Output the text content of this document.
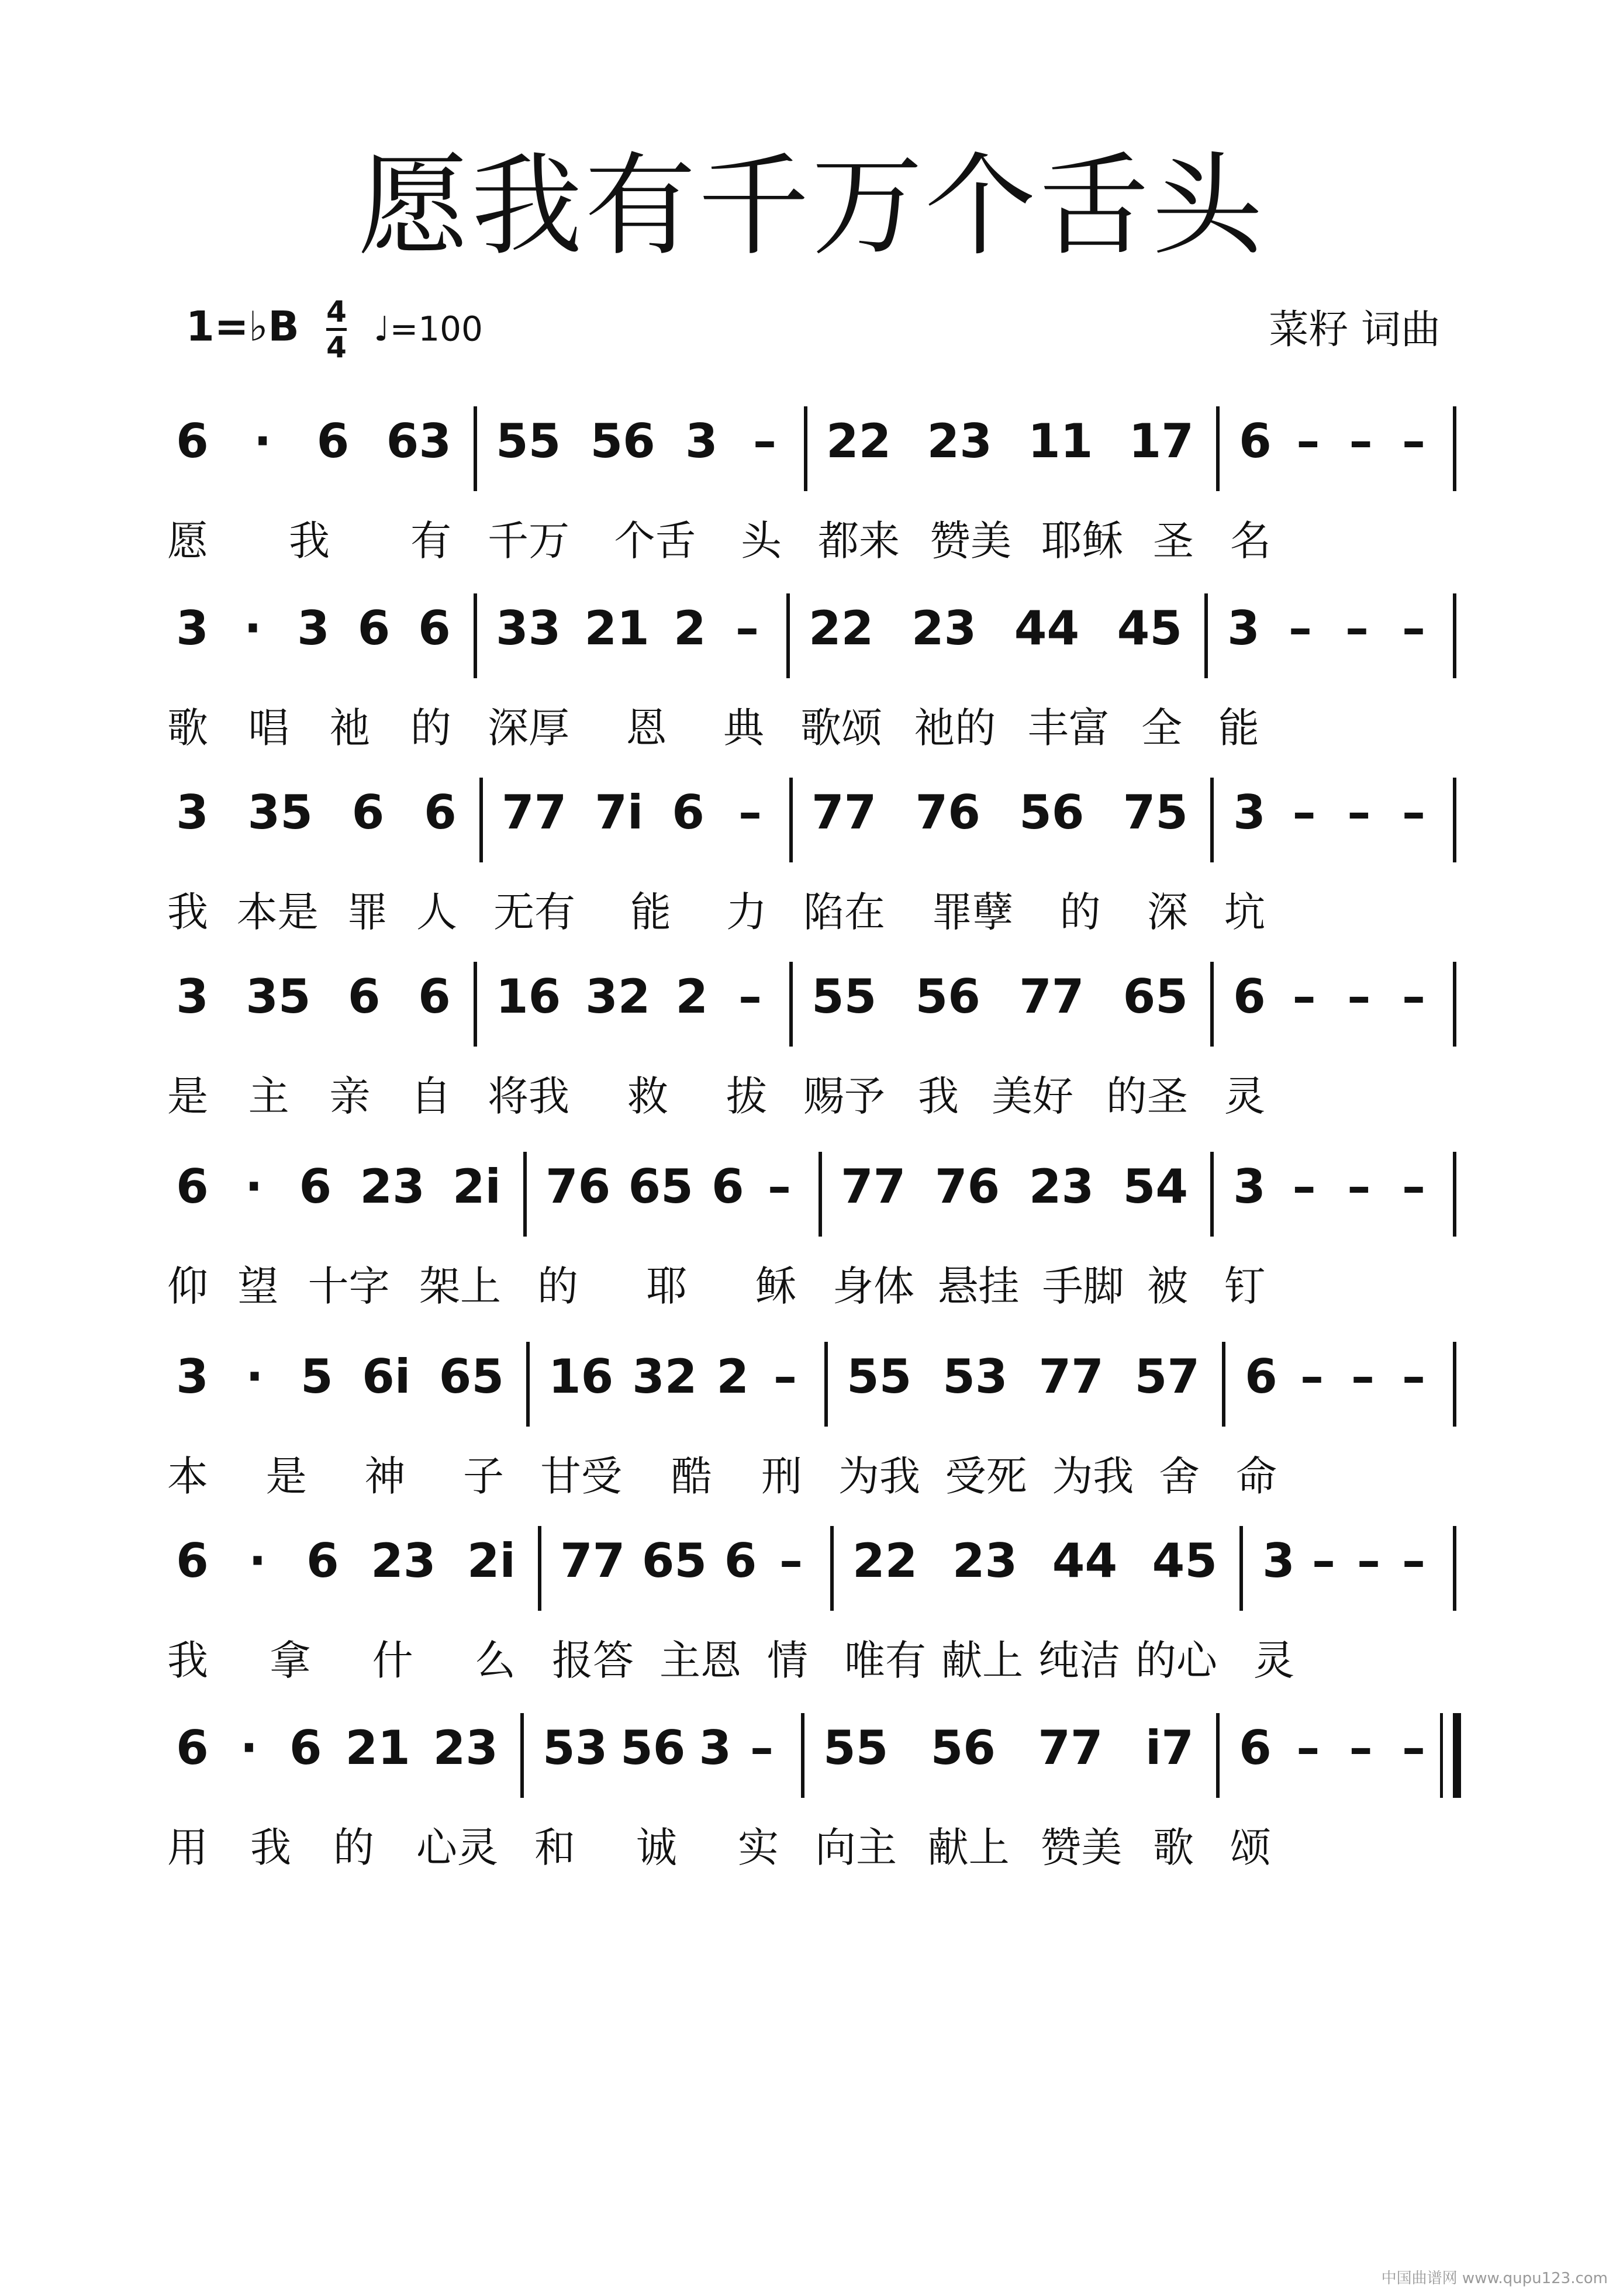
愿我有千万个舌头
1=♭B $\frac{4}{4}$ ♩=100	菜籽 词曲
6 · 6 63
愿 我 有
55 56 3 –
千万 个舌 头
22 23 11 17
都来 赞美 耶稣 圣
6 – – –
名
3 · 3 6 6
歌 唱 祂 的
33 21 2 –
深厚 恩 典
22 23 44 45
歌颂 祂的 丰富 全
3 – – –
能
3 35 6 6
我 本是 罪 人
77 7i 6 –
无有 能 力
77 76 56 75
陷在 罪孽 的 深
3 – – –
坑
3 35 6 6
是 主 亲 自
16 32 2 –
将我 救 拔
55 56 77 65
赐予 我 美好 的圣
6 – – –
灵
6 · 6 23 2i
仰 望 十字 架上
76 65 6 –
的 耶 稣
77 76 23 54
身体 悬挂 手脚 被
3 – – –
钉
3 · 5 6i 65
本 是 神 子
16 32 2 –
甘受 酷 刑
55 53 77 57
为我 受死 为我 舍
6 – – –
命
6 · 6 23 2i
我 拿 什 么
77 65 6 –
报答 主恩 情
22 23 44 45
唯有 献上 纯洁 的心
3 – – –
灵
6 · 6 21 23
用 我 的 心灵
53 56 3 –
和 诚 实
55 56 77 i7
向主 献上 赞美 歌
6 – – –
颂
中国曲谱网 www.qupu123.com
